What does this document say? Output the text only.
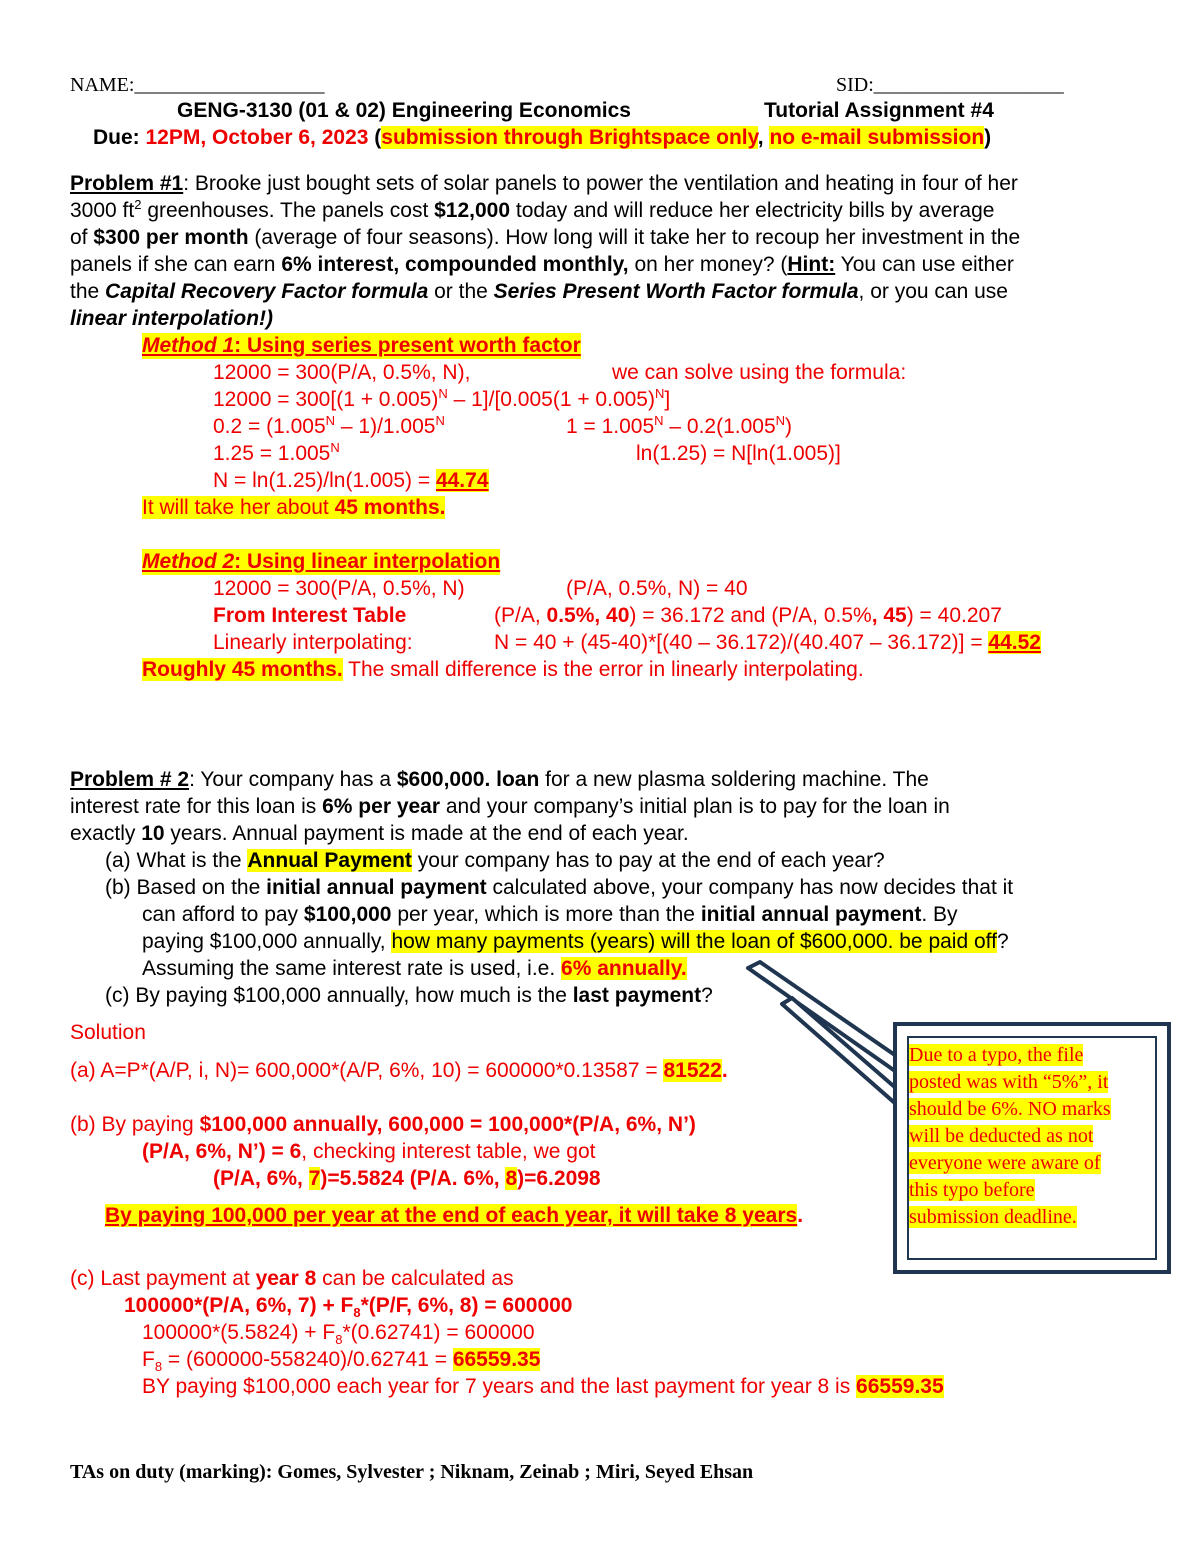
NAME:___________________	SID:___________________
GENG-3130 (01 & 02) Engineering Economics	Tutorial Assignment #4
Due: 12PM, October 6, 2023 (submission through Brightspace only, no e-mail submission)
Problem #1: Brooke just bought sets of solar panels to power the ventilation and heating in four of her
3000 $ft^2$ greenhouses. The panels cost $12,000 today and will reduce her electricity bills by average
of $300 per month (average of four seasons). How long will it take her to recoup her investment in the
panels if she can earn 6% interest, compounded monthly, on her money? (Hint: You can use either
the Capital Recovery Factor formula or the Series Present Worth Factor formula, or you can use
linear interpolation!)
Method 1: Using series present worth factor
12000 = 300(P/A, 0.5%, N),	we can solve using the formula:
$12000 = 300[(1 + 0.005)^N - 1]/[0.005(1 + 0.005)^N]$
$0.2 = (1.005^N - 1)/1.005^N$	$1 = 1.005^N - 0.2(1.005^N)$
$1.25 = 1.005^N$	ln(1.25) = N[ln(1.005)]
N = ln(1.25)/ln(1.005) = 44.74
It will take her about 45 months.
Method 2: Using linear interpolation
12000 = 300(P/A, 0.5%, N)	(P/A, 0.5%, N) = 40
From Interest Table	(P/A, 0.5%, 40) = 36.172 and (P/A, 0.5%, 45) = 40.207
Linearly interpolating:	N = 40 + (45-40)*[(40 – 36.172)/(40.407 – 36.172)] = 44.52
Roughly 45 months. The small difference is the error in linearly interpolating.
Problem # 2: Your company has a $600,000. loan for a new plasma soldering machine. The
interest rate for this loan is 6% per year and your company’s initial plan is to pay for the loan in
exactly 10 years. Annual payment is made at the end of each year.
(a) What is the Annual Payment your company has to pay at the end of each year?
(b) Based on the initial annual payment calculated above, your company has now decides that it
can afford to pay $100,000 per year, which is more than the initial annual payment. By
paying $100,000 annually, how many payments (years) will the loan of $600,000. be paid off?
Assuming the same interest rate is used, i.e. 6% annually.
(c) By paying $100,000 annually, how much is the last payment?
Solution
(a) A=P*(A/P, i, N)= 600,000*(A/P, 6%, 10) = 600000*0.13587 = 81522.
(b) By paying $100,000 annually, 600,000 = 100,000*(P/A, 6%, N’)
(P/A, 6%, N’) = 6, checking interest table, we got
(P/A, 6%, 7)=5.5824 (P/A. 6%, 8)=6.2098
By paying 100,000 per year at the end of each year, it will take 8 years.
(c) Last payment at year 8 can be calculated as
100000*(P/A, 6%, $7) + F_8*(P/F$, 6%, 8) = 600000
$100000*(5.5824) + F_8*(0.62741) = 600000$
$F_8 = (600000-558240)/0.62741 = 66559.35$
BY paying $100,000 each year for 7 years and the last payment for year 8 is 66559.35
Due to a typo, the file posted was with “5%”, it should be 6%. NO marks will be deducted as not everyone were aware of this typo before submission deadline.
TAs on duty (marking): Gomes, Sylvester ; Niknam, Zeinab ; Miri, Seyed Ehsan
